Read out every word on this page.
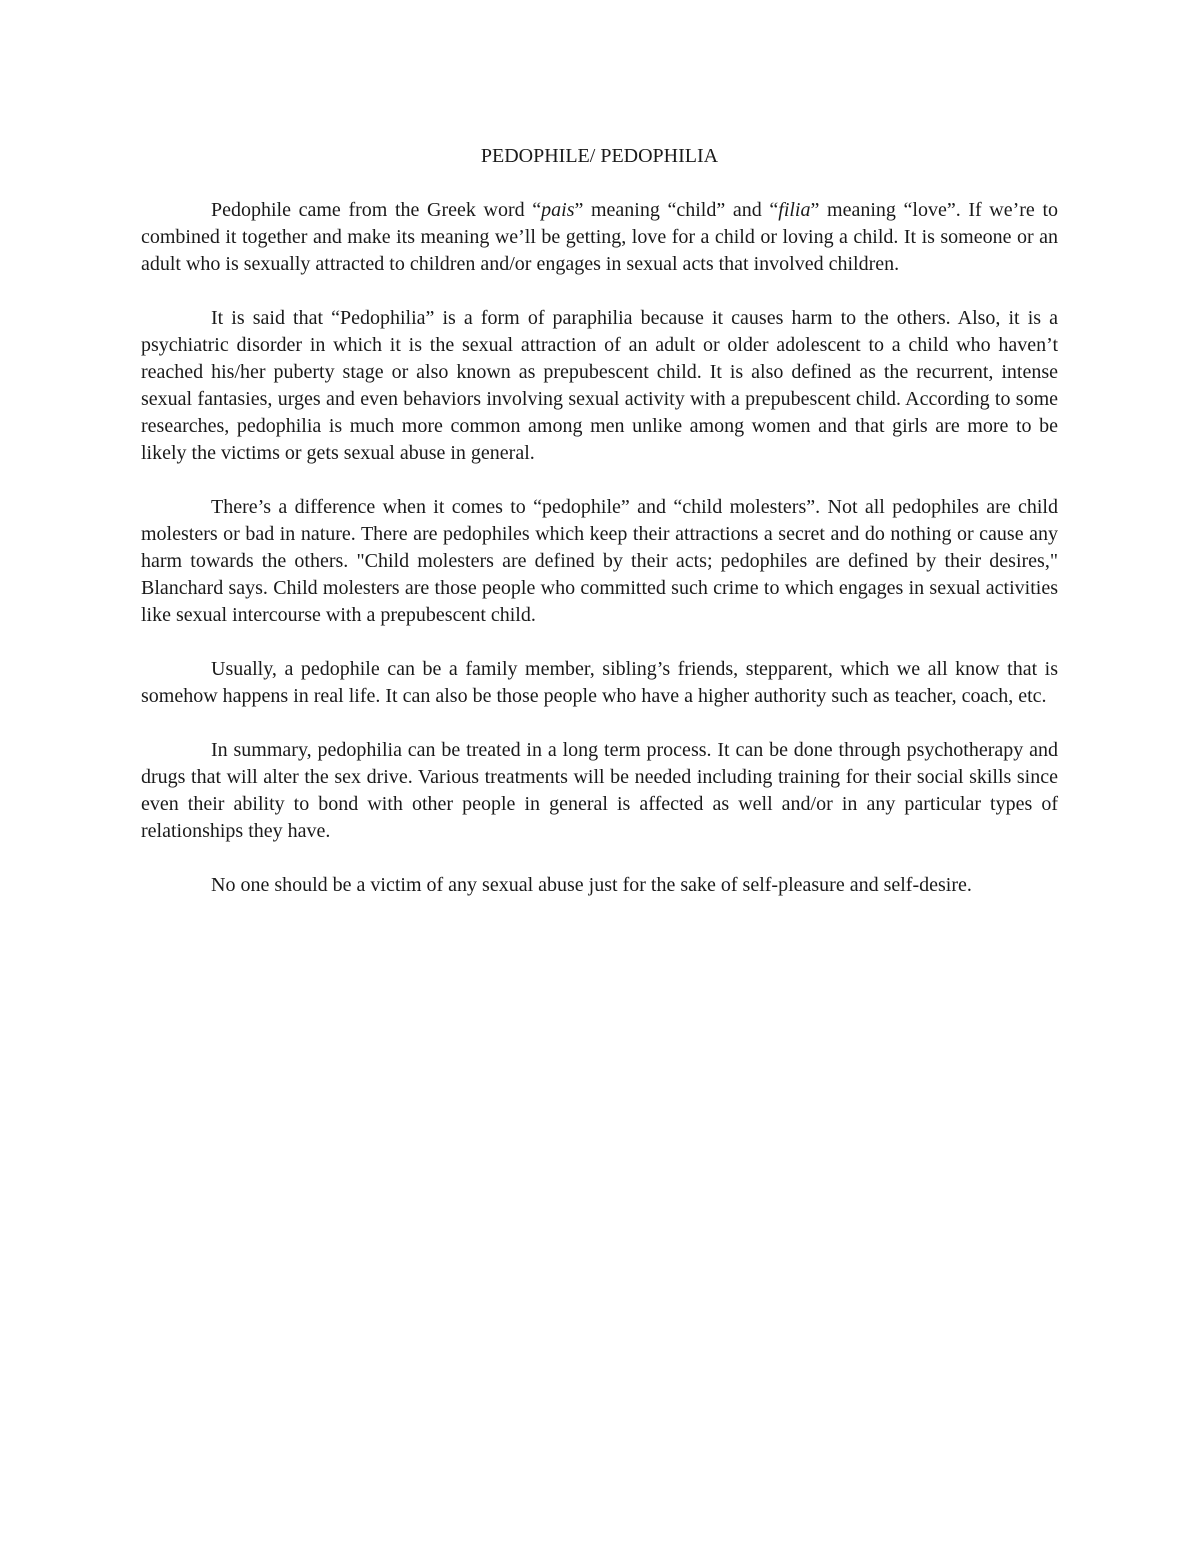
PEDOPHILE/ PEDOPHILIA

Pedophile came from the Greek word “pais” meaning “child” and “filia” meaning “love”. If we’re to combined it together and make its meaning we’ll be getting, love for a child or loving a child. It is someone or an adult who is sexually attracted to children and/or engages in sexual acts that involved children.

It is said that “Pedophilia” is a form of paraphilia because it causes harm to the others. Also, it is a psychiatric disorder in which it is the sexual attraction of an adult or older adolescent to a child who haven’t reached his/her puberty stage or also known as prepubescent child. It is also defined as the recurrent, intense sexual fantasies, urges and even behaviors involving sexual activity with a prepubescent child. According to some researches, pedophilia is much more common among men unlike among women and that girls are more to be likely the victims or gets sexual abuse in general.

There’s a difference when it comes to “pedophile” and “child molesters”. Not all pedophiles are child molesters or bad in nature. There are pedophiles which keep their attractions a secret and do nothing or cause any harm towards the others. "Child molesters are defined by their acts; pedophiles are defined by their desires," Blanchard says. Child molesters are those people who committed such crime to which engages in sexual activities like sexual intercourse with a prepubescent child.

Usually, a pedophile can be a family member, sibling’s friends, stepparent, which we all know that is somehow happens in real life. It can also be those people who have a higher authority such as teacher, coach, etc.

In summary, pedophilia can be treated in a long term process. It can be done through psychotherapy and drugs that will alter the sex drive. Various treatments will be needed including training for their social skills since even their ability to bond with other people in general is affected as well and/or in any particular types of relationships they have.

No one should be a victim of any sexual abuse just for the sake of self-pleasure and self-desire.
